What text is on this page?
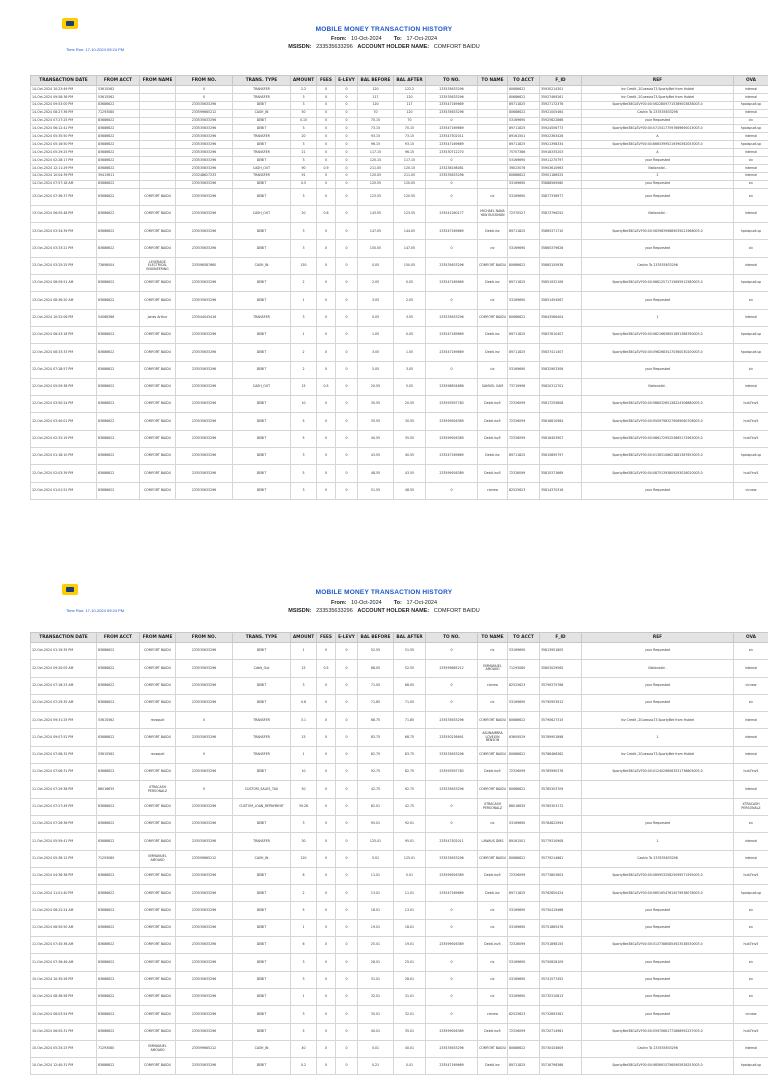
Time Run: 17-10-2024 09:24 PM
MOBILE MONEY TRANSACTION HISTORY
From: 10-Oct-2024 To: 17-Oct-2024
MSISDN: 233535633296 ACCOUNT HOLDER NAME: COMFORT BAIDU
TRANSACTION DATE	FROM ACCT	FROM NAME	FROM NO.	TRANS. TYPE	AMOUNT	FEES	E-LEVY	BAL BEFORE	BAL AFTER	TO NO.	TO NAME	TO ACCT	F_ID	REF	OVA
14-Oct-2024 10:23:49 PM	53615562		0	TRANSFER	2.2	0	0	120	122.2	233535633296		80686622	35930214301	Inv Credit ,2Guessss73,SportyBet from Hubtel	internal
14-Oct-2024 09:58:36 PM	53615562		0	TRANSFER	3	0	0	117	120	233535633296		80686622	35927469261	Inv Credit ,2Guessss73,SportyBet from Hubtel	internal
14-Oct-2024 09:53:00 PM	83686622		233535633296	DEBIT	3	0	0	120	117	233547169669		89711825	35927172376	SportyBet38GLEVY00:00:56228097715389003838003.0	hpaispudi.sp
14-Oct-2024 08:27:36 PM	71293080		233599665212	CASH_IN	50	0	0	70	120	233535633296		80686622	35921005464	Cashin To 233535633296	internal
14-Oct-2024 07:27:25 PM	83686622		233535633296	DEBIT	0.15	0	0	70.15	70	0		53169690	35925622866	your Requested	cic
14-Oct-2024 06:12:41 PM	83686622		233535633296	DEBIT	3	0	0	73.15	70.15	233547169669		89711825	35924556773	SportyBet38GLEVY00:00:07154177597669690015003.0	hpaispudi.sp
14-Oct-2024 05:35:50 PM	83686622		233535633296	TRANSFER	20	0	0	93.15	73.15	233547502011		89161501	35922363426	A	internal
14-Oct-2024 05:16:50 PM	83686622		233535633296	DEBIT	3	0	0	96.15	93.15	233547169669		89711825	35921398334	SportyBet38GLEVY00:00:86633995219390362053003.0	hpaispudi.sp
14-Oct-2024 05:29:25 PM	83686622		233535633296	TRANSFER	21	0	0	117.15	96.15	233530712270		75707386	35918335203	A	internal
14-Oct-2024 02:28:17 PM	83686622		233535633296	DEBIT	3	0	0	120.15	117.15	0		53169690	35911270797	your Requested	cic
14-Oct-2024 12:11:29 PM	83686622		233535633296	CASH_OUT	90	0.9	0	211.05	120.15	233238198081		39023076	35903610963	Nationalid -	internal
14-Oct-2024 10:04:39 PM	39413611		233248627233	TRANSFER	91	0	0	120.05	211.05	233535633296		80686622	35901186525	2	internal
14-Oct-2024 07:57:18 AM	83686622		233535633296	DEBIT	0.5	0	0	120.55	120.05	0		53169690	35888569580	your Requested	cic
13-Oct-2024 07:36:37 PM	83686622	COMFORT BAIDU	233535633296	DEBIT	3	0	0	123.55	120.55	0	cic	53169690	35877336977	your Requested	cic
13-Oct-2024 06:05:48 PM	83686622	COMFORT BAIDU	233535633296	CASH_OUT	20	0.6	0	143.05	123.55	233541260177	MICHAEL NANA YAW BUCKMAN	72370527	35873796252	Nationalid -	internal
13-Oct-2024 03:34:39 PM	83686622	COMFORT BAIDU	233535633296	DEBIT	3	0	0	147.05	144.05	233547169669	Debit.inv	89711825	35865371710	SportyBet38GLEVY00:00:56398399889035021968003.0	hpaispudi.sp
13-Oct-2024 03:33:21 PM	83686622	COMFORT BAIDU	233535633296	DEBIT	3	0	0	150.05	147.05	0	cic	53169690	35865379626	your Requested	cic
13-Oct-2024 03:25:25 PM	73698004	LEVERAGE ELECTRICAL ENGINEERING	233598587660	CASH_IN	150	0	0	0.05	150.05	233535633296	COMFORT BAIDU	80686622	35865155938	Cashin To 233535633296	internal
13-Oct-2024 08:09:51 AM	83686622	COMFORT BAIDU	233535633296	DEBIT	2	0	0	2.05	0.05	233547169669	Debit.inv	89711825	35851932106	SportyBet38GLEVY00:00:98612571715695912580003.0	hpaispudi.sp
13-Oct-2024 08:36:20 AM	83686622	COMFORT BAIDU	233535633296	DEBIT	1	0	0	3.05	2.05	0	cic	53169690	35851454567	your Requested	cic
12-Oct-2024 10:52:06 PM	54068366	Jones Arthur	233544043416	TRANSFER	3	0	0	0.05	3.05	233535633296	COMFORT BAIDU	80686622	35843566404	1	internal
12-Oct-2024 08:43:18 PM	83686622	COMFORT BAIDU	233535633296	DEBIT	1	0	0	1.05	0.05	233547169669	Debit.inv	89711825	35837610407	SportyBet38GLEVY00:00:98216636051891386760003.0	hpaispudi.sp
12-Oct-2024 08:33:33 PM	83686622	COMFORT BAIDU	233535633296	DEBIT	2	0	0	3.05	1.05	233547169669	Debit.inv	89711825	35837411407	SportyBet38GLEVY00:00:09626834170360030200003.0	hpaispudi.sp
12-Oct-2024 07:28:57 PM	83686622	COMFORT BAIDU	233535633296	DEBIT	2	0	0	5.05	3.05	0	cic	53169690	35832903306	your Requested	cic
12-Oct-2024 05:09:38 PM	83686622	COMFORT BAIDU	233535633296	CASH_OUT	15	0.5	0	20.55	5.05	233598634686	SAMUEL SAM	73719996	35820312701	Nationalid -	internal
12-Oct-2024 03:50:24 PM	83686622	COMFORT BAIDU	233535633296	DEBIT	10	0	0	30.55	20.55	233593597780	Debit.inv5	72326099	35817255808	SportyBet38GLEVY00:00:98803265138224306880003.0	hub7inv5
12-Oct-2024 03:40:01 PM	83686622	COMFORT BAIDU	233535633296	DEBIT	5	0	0	35.55	30.55	233599926389	Debit.inv5	72326099	35816810984	SportyBet38GLEVY00:00:95097983279069060708003.0	hub7inv5
12-Oct-2024 02:32:19 PM	83686622	COMFORT BAIDU	233535633296	DEBIT	5	0	0	40.55	35.55	233599926389	Debit.inv5	72326099	35816403907	SportyBet38GLEVY00:00:98617295253665172963003.0	hub7inv5
12-Oct-2024 01:18:10 PM	83686622	COMFORT BAIDU	233535633296	DEBIT	3	0	0	43.55	40.55	233547169669	Debit.inv	89711825	35815895797	SportyBet38GLEVY00:00:01363108621881387653003.0	hpaispudi.sp
12-Oct-2024 02:03:39 PM	83686622	COMFORT BAIDU	233535633296	DEBIT	5	0	0	48.55	43.55	233599926389	Debit.inv5	72326099	35815371669	SportyBet38GLEVY00:00:08751393809293026020003.0	hub7inv5
12-Oct-2024 01:01:51 PM	83686622	COMFORT BAIDU	233535633296	DEBIT	3	0	0	51.55	48.55	0	cicnew	82525623	35814370316	your Requested	cicnew
Time Run: 17-10-2024 09:24 PM
MOBILE MONEY TRANSACTION HISTORY
From: 10-Oct-2024 To: 17-Oct-2024
MSISDN: 233535633296 ACCOUNT HOLDER NAME: COMFORT BAIDU
TRANSACTION DATE	FROM ACCT	FROM NAME	FROM NO.	TRANS. TYPE	AMOUNT	FEES	E-LEVY	BAL BEFORE	BAL AFTER	TO NO.	TO NAME	TO ACCT	F_ID	REF	OVA
12-Oct-2024 01:19:35 PM	83686622	COMFORT BAIDU	233535633296	DEBIT	1	0	0	52.55	51.55	0	cic	53169690	35813951805	your Requested	cic
12-Oct-2024 09:20:05 AM	83686622	COMFORT BAIDU	233535633296	Cdbit_Out	15	0.5	0	68.05	52.55	233599665212	EMMANUEL AMOAKO	71293080	35803029565	Nationalid -	internal
12-Oct-2024 07:18:23 AM	83686622	COMFORT BAIDU	233535633296	DEBIT	3	0	0	71.05	68.05	0	cicnew	82525623	35799375766	your Requested	cicnew
12-Oct-2024 07:29:35 AM	83686622	COMFORT BAIDU	233535633296	DEBIT	0.8	0	0	71.85	71.05	0	cic	53169690	35795953912	your Requested	cic
11-Oct-2024 09:31:25 PM	53615562	revsqudi	0	TRANSFER	3.1	0	0	68.75	71.85	233535633296	COMFORT BAIDU	80686622	35790627315	Inv Credit ,2Guessss73,SportyBet from Hubtel	internal
11-Oct-2024 09:07:52 PM	83686622	COMFORT BAIDU	233535633296	TRANSFER	15	0	0	83.75	68.75	233550236691	ASUNAMBRA LOVELYN BENSON	63609529	35789951898	1	internal
11-Oct-2024 07:08:32 PM	53615562	revsqudi	0	TRANSFER	1	0	0	82.75	83.75	233535633296	COMFORT BAIDU	80686622	35786466362	Inv Credit ,2Guessss73,SportyBet from Hubtel	internal
11-Oct-2024 07:06:31 PM	83686622	COMFORT BAIDU	233535633296	DEBIT	10	0	0	92.75	82.75	233593597780	Debit.inv5	72326099	35785990376	SportyBet38GLEVY00:00:01240296063531736805003.0	hub7inv5
11-Oct-2024 07:29:38 PM	88016635	XTRACASH PERSONALZ	0	CUSTOM_SALES_TAX	50	0	0	42.75	92.75	233535633296	COMFORT BAIDU	80686622	35785303709		internal
11-Oct-2024 07:27:49 PM	83686622	COMFORT BAIDU	233535633296	CUSTOM_LOAN_REPAYMENT	39.26	0	0	82.01	42.75	0	XTRACASH PERSONALZ	88016635	35785303172		XTRACASH PERSONALZ
11-Oct-2024 07:26:36 PM	83686622	COMFORT BAIDU	233535633296	DEBIT	3	0	0	95.01	92.01	0	cic	53169690	35784822994	your Requested	cic
11-Oct-2024 05:59:41 PM	83686622	COMFORT BAIDU	233535633296	TRANSFER	30	0	0	125.01	95.01	233547502011	LAWAUS DIBS	89161501	35779310908	1	internal
11-Oct-2024 05:38:12 PM	71293080	EMMANUEL AMOAKO	233599665212	CASH_IN	120	0	0	5.01	125.01	233535633296	COMFORT BAIDU	80686622	35779214661	Cashin To 233535633296	internal
11-Oct-2024 04:36:38 PM	83686622	COMFORT BAIDU	233535633296	DEBIT	6	0	0	11.01	5.01	233599926389	Debit.inv5	72326099	35773803603	SportyBet38GLEVY00:00:08995325825099571595003.0	hub7inv5
11-Oct-2024 11:01:40 PM	83686622	COMFORT BAIDU	233535633296	DEBIT	2	0	0	13.01	11.01	233547169669	Debit.inv	89711825	35762850424	SportyBet38GLEVY00:00:98516547615079938078003.0	hpaispudi.sp
11-Oct-2024 08:22:24 AM	83686622	COMFORT BAIDU	233535633296	DEBIT	5	0	0	18.01	13.01	0	cic	53169690	35750419466	your Requested	cic
11-Oct-2024 08:50:50 AM	83686622	COMFORT BAIDU	233535633296	DEBIT	1	0	0	19.01	18.01	0	cic	53169690	35751865476	your Requested	cic
11-Oct-2024 07:45:36 AM	83686622	COMFORT BAIDU	233535633296	DEBIT	6	0	0	25.01	19.01	233599926389	Debit.inv5	72326099	35751898155	SportyBet38GLEVY00:00:01373860854923538530003.0	hub7inv5
11-Oct-2024 07:36:46 AM	83686622	COMFORT BAIDU	233535633296	DEBIT	3	0	0	28.01	25.01	0	cic	53169690	35750828109	your Requested	cic
10-Oct-2024 10:35:26 PM	83686622	COMFORT BAIDU	233535633296	DEBIT	3	0	0	31.01	28.01	0	cic	53169690	35741577452	your Requested	cic
10-Oct-2024 08:38:56 PM	83686622	COMFORT BAIDU	233535633296	DEBIT	1	0	0	32.01	31.01	0	cic	53169690	35735310813	your Requested	cic
10-Oct-2024 08:03:54 PM	83686622	COMFORT BAIDU	233535633296	DEBIT	3	0	0	35.01	32.01	0	cicnew	82525623	35732693361	your Requested	cicnew
10-Oct-2024 06:05:31 PM	83686622	COMFORT BAIDU	233535633296	DEBIT	5	0	0	40.01	35.01	233599926389	Debit.inv5	72326099	35720714961	SportyBet38GLEVY00:00:05970661772668992237003.0	hub7inv5
10-Oct-2024 05:25:23 PM	71293080	EMMANUEL AMOAKO	233599665212	CASH_IN	40	0	0	0.01	40.01	233535633296	COMFORT BAIDU	80686622	35730434609	Cashin To 233535633296	internal
10-Oct-2024 12:40:31 PM	83686622	COMFORT BAIDU	233535633296	DEBIT	0.2	0	0	0.21	0.01	233547169669	Debit.inv	89711825	35716796366	SportyBet38GLEVY00:00:98569157560905926253003.0	hpaispudi.sp
